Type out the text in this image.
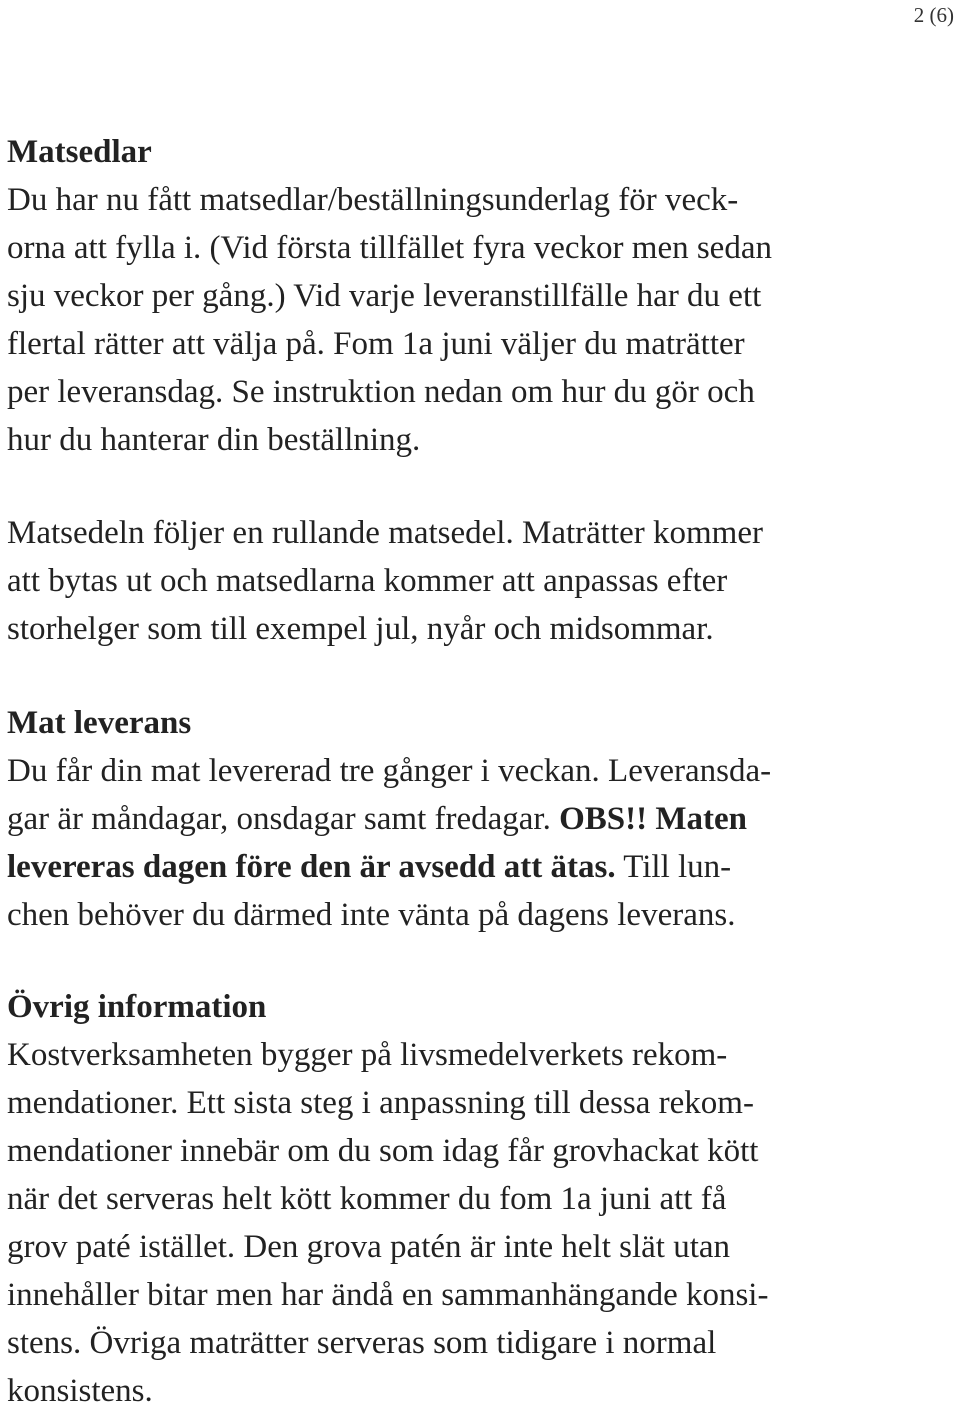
2 (6)
Matsedlar

Du har nu fått matsedlar/beställningsunderlag för veck-
orna att fylla i. (Vid första tillfället fyra veckor men sedan
sju veckor per gång.) Vid varje leveranstillfälle har du ett
flertal rätter att välja på. Fom 1a juni väljer du maträtter
per leveransdag. Se instruktion nedan om hur du gör och
hur du hanterar din beställning.

Matsedeln följer en rullande matsedel. Maträtter kommer
att bytas ut och matsedlarna kommer att anpassas efter
storhelger som till exempel jul, nyår och midsommar.

Mat leverans

Du får din mat levererad tre gånger i veckan. Leveransda-
gar är måndagar, onsdagar samt fredagar. OBS!! Maten
levereras dagen före den är avsedd att ätas. Till lun-
chen behöver du därmed inte vänta på dagens leverans.

Övrig information

Kostverksamheten bygger på livsmedelverkets rekom-
mendationer. Ett sista steg i anpassning till dessa rekom-
mendationer innebär om du som idag får grovhackat kött
när det serveras helt kött kommer du fom 1a juni att få
grov paté istället. Den grova patén är inte helt slät utan
innehåller bitar men har ändå en sammanhängande konsi-
stens. Övriga maträtter serveras som tidigare i normal
konsistens.
